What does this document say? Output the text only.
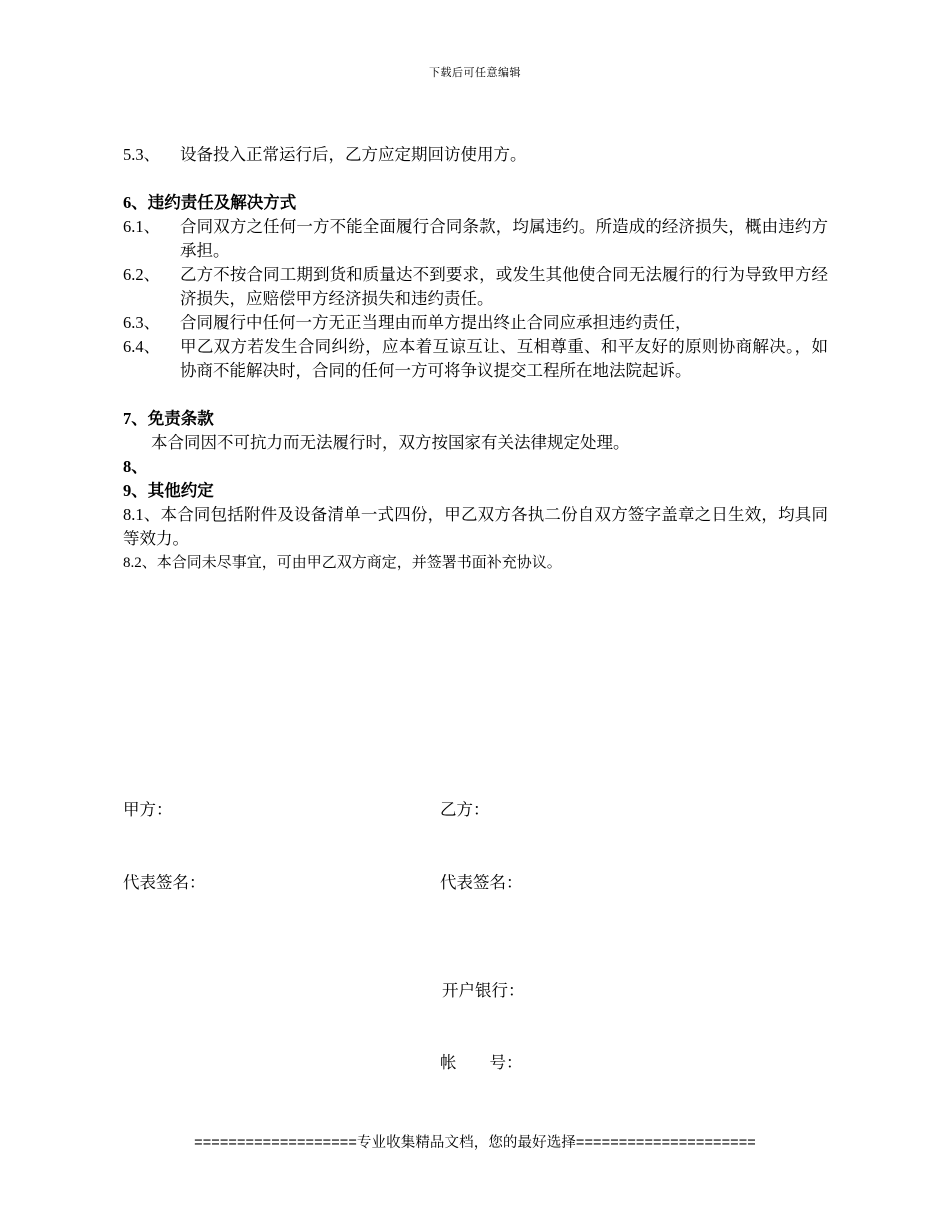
下载后可任意编辑
5.3、	设备投入正常运行后，乙方应定期回访使用方。
6、违约责任及解决方式
6.1、	合同双方之任何一方不能全面履行合同条款，均属违约。所造成的经济损失，概由违约方承担。
6.2、	乙方不按合同工期到货和质量达不到要求，或发生其他使合同无法履行的行为导致甲方经济损失，应赔偿甲方经济损失和违约责任。
6.3、	合同履行中任何一方无正当理由而单方提出终止合同应承担违约责任，
6.4、	甲乙双方若发生合同纠纷，应本着互谅互让、互相尊重、和平友好的原则协商解决。，如协商不能解决时，合同的任何一方可将争议提交工程所在地法院起诉。
7、免责条款
本合同因不可抗力而无法履行时，双方按国家有关法律规定处理。
8、
9、其他约定
8.1、本合同包括附件及设备清单一式四份，甲乙双方各执二份自双方签字盖章之日生效，均具同等效力。
8.2、本合同未尽事宜，可由甲乙双方商定，并签署书面补充协议。
甲方：	乙方：
代表签名：	代表签名：
开户银行：
帐        号：
===================专业收集精品文档，您的最好选择=====================
